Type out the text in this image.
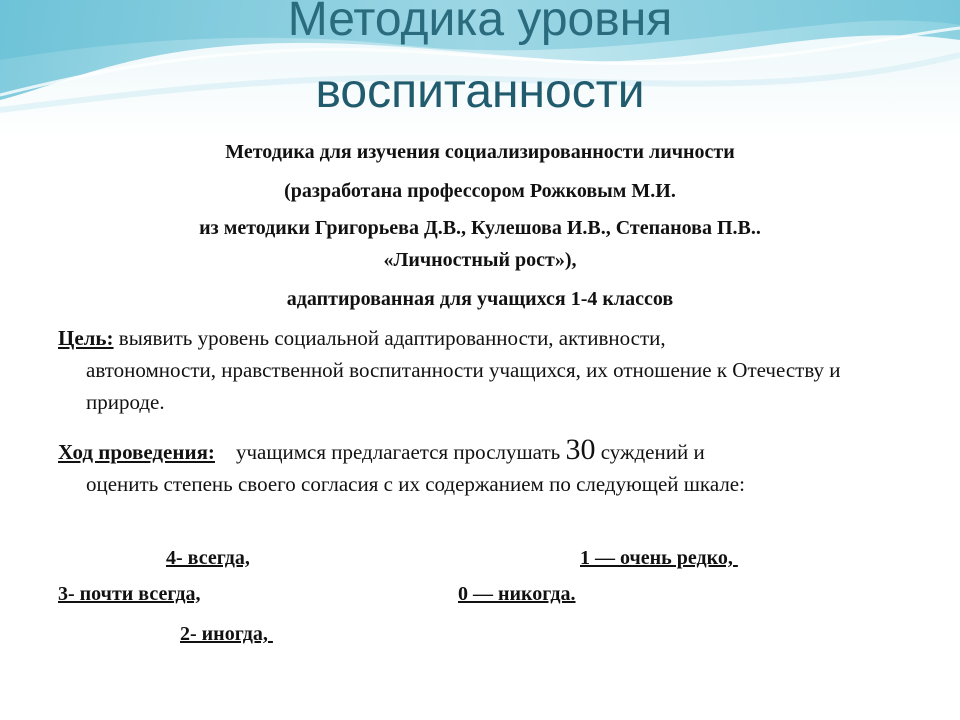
Методика уровня
воспитанности
Методика для изучения социализированности личности
(разработана профессором Рожковым М.И.
из методики Григорьева Д.В., Кулешова И.В., Степанова П.В..
«Личностный рост»),
адаптированная для учащихся 1-4 классов
Цель: выявить уровень социальной адаптированности, активности,
автономности, нравственной воспитанности учащихся, их отношение к Отечеству и природе.
Ход проведения:    учащимся предлагается прослушать 30 суждений и
оценить степень своего согласия с их содержанием по следующей шкале:
4- всегда,	1 — очень редко,
3- почти всегда,	0 — никогда.
2- иногда,
